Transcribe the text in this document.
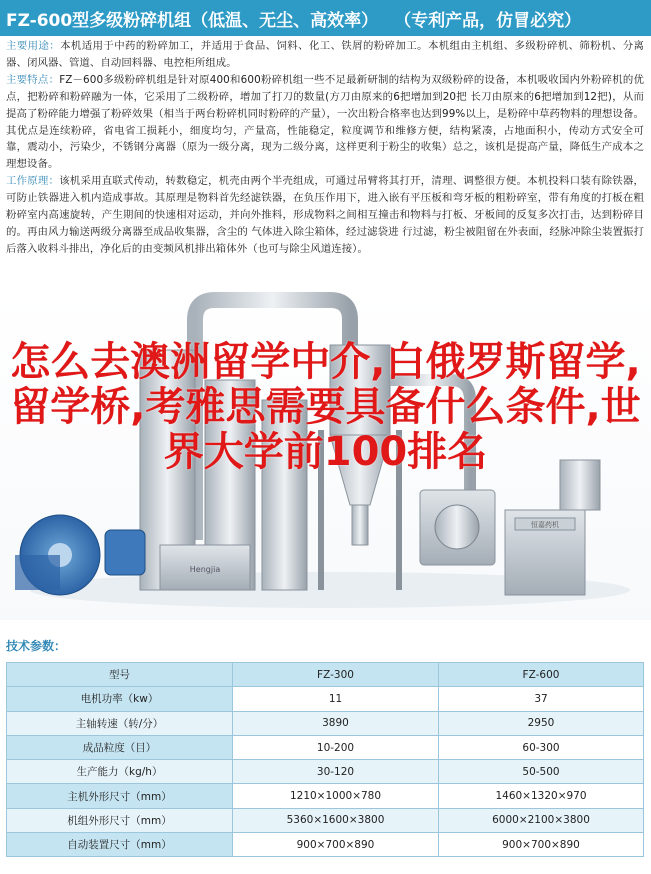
FZ-600型多级粉碎机组 （低温、无尘、高效率） （专利产品，仿冒必究）

主要用途：本机适用于中药的粉碎加工，并适用于食品、饲料、化工、铁屑的粉碎加工。本机组由主机组、多级粉碎机、筛粉机、分离器、闭风器、管道、自动回料器、电控柜所组成。

主要特点：FZ－600多级粉碎机组是针对原400和600粉碎机组一些不足最新研制的结构为双级粉碎的设备，本机吸收国内外粉碎机的优点，把粉碎和粉碎融为一体，它采用了二级粉碎，增加了打刀的数量(方刀由原来的6把增加到20把 长刀由原来的6把增加到12把)，从而提高了粉碎能力增强了粉碎效果（相当于两台粉碎机同时粉碎的产量），一次出粉合格率也达到99%以上，是粉碎中草药物料的理想设备。其优点是连续粉碎，省电省工损耗小，细度均匀，产量高，性能稳定，粒度调节和维修方便，结构紧凑，占地面积小，传动方式安全可靠，震动小，污染少，不锈钢分离器（原为一级分离，现为二级分离，这样更利于粉尘的收集）总之，该机是提高产量，降低生产成本之理想设备。

工作原理：该机采用直联式传动，转数稳定，机壳由两个半壳组成，可通过吊臂将其打开，清理、调整很方便。本机投料口装有除铁器，可防止铁器进入机内造成事故。其原理是物料首先经滤铁器，在负压作用下，进入嵌有平压板和弯牙板的粗粉碎室，带有角度的打板在粗粉碎室内高速旋转，产生期间的快速相对运动，并向外推料，形成物料之间相互撞击和物料与打板、牙板间的反复多次打击，达到粉碎目的。再由风力输送两级分离器至成品收集器，含尘的 气体进入除尘箱体，经过滤袋进 行过滤，粉尘被阻留在外表面，经脉冲除尘装置振打后落入收料斗排出，净化后的由变频风机排出箱体外（也可与除尘风道连接）。

恒嘉药机
Hengjia
怎么去澳洲留学中介,白俄罗斯留学,留学桥,考雅思需要具备什么条件,世界大学前100排名
技术参数：
型号	FZ-300	FZ-600
电机功率（kw）	11	37
主轴转速（转/分）	3890	2950
成品粒度（目）	10-200	60-300
生产能力（kg/h）	30-120	50-500
主机外形尺寸（mm）	1210×1000×780	1460×1320×970
机组外形尺寸（mm）	5360×1600×3800	6000×2100×3800
自动装置尺寸（mm）	900×700×890	900×700×890
